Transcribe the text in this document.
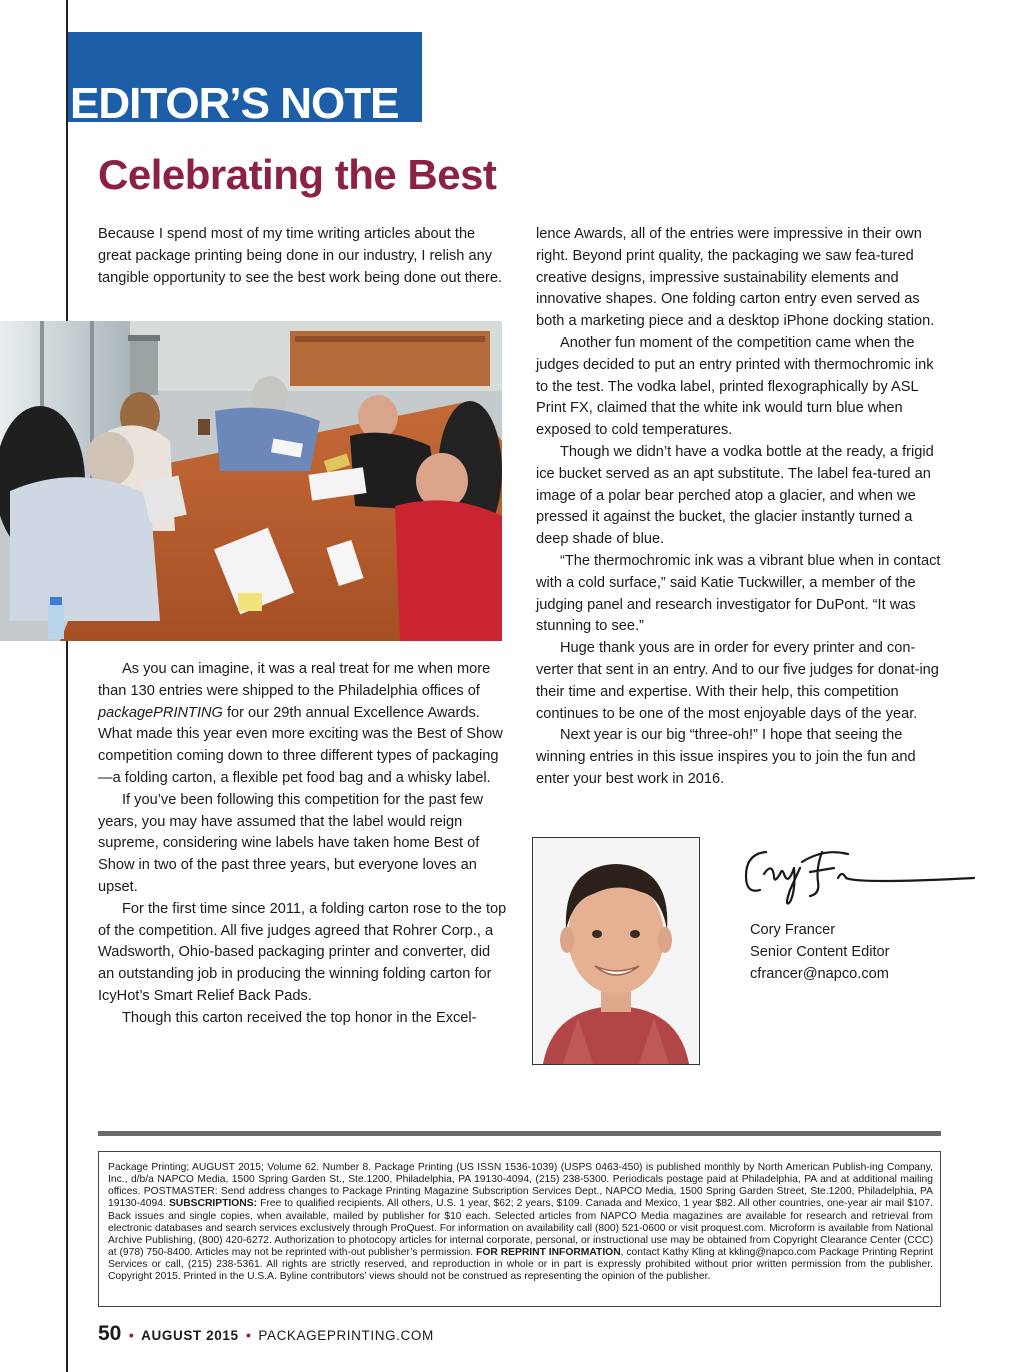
EDITOR’S NOTE
Celebrating the Best

Because I spend most of my time writing articles about the great package printing being done in our industry, I relish any tangible opportunity to see the best work being done out there.

As you can imagine, it was a real treat for me when more than 130 entries were shipped to the Philadelphia offices of packagePRINTING for our 29th annual Excellence Awards. What made this year even more exciting was the Best of Show competition coming down to three different types of packaging—a folding carton, a flexible pet food bag and a whisky label.

If you’ve been following this competition for the past few years, you may have assumed that the label would reign supreme, considering wine labels have taken home Best of Show in two of the past three years, but everyone loves an upset.

For the first time since 2011, a folding carton rose to the top of the competition. All five judges agreed that Rohrer Corp., a Wadsworth, Ohio-based packaging printer and converter, did an outstanding job in producing the winning folding carton for IcyHot’s Smart Relief Back Pads.

Though this carton received the top honor in the Excel-

lence Awards, all of the entries were impressive in their own right. Beyond print quality, the packaging we saw fea-tured creative designs, impressive sustainability elements and innovative shapes. One folding carton entry even served as both a marketing piece and a desktop iPhone docking station.

Another fun moment of the competition came when the judges decided to put an entry printed with thermochromic ink to the test. The vodka label, printed flexographically by ASL Print FX, claimed that the white ink would turn blue when exposed to cold temperatures.

Though we didn’t have a vodka bottle at the ready, a frigid ice bucket served as an apt substitute. The label fea-tured an image of a polar bear perched atop a glacier, and when we pressed it against the bucket, the glacier instantly turned a deep shade of blue.

“The thermochromic ink was a vibrant blue when in contact with a cold surface,” said Katie Tuckwiller, a member of the judging panel and research investigator for DuPont. “It was stunning to see.”

Huge thank yous are in order for every printer and con-verter that sent in an entry. And to our five judges for donat-ing their time and expertise. With their help, this competition continues to be one of the most enjoyable days of the year.

Next year is our big “three-oh!” I hope that seeing the winning entries in this issue inspires you to join the fun and enter your best work in 2016.

Cory Francer
Senior Content Editor
cfrancer@napco.com
Package Printing; AUGUST 2015; Volume 62. Number 8. Package Printing (US ISSN 1536-1039) (USPS 0463-450) is published monthly by North American Publish-ing Company, Inc., d/b/a NAPCO Media, 1500 Spring Garden St., Ste.1200, Philadelphia, PA 19130-4094, (215) 238-5300. Periodicals postage paid at Philadelphia, PA and at additional mailing offices. POSTMASTER: Send address changes to Package Printing Magazine Subscription Services Dept., NAPCO Media, 1500 Spring Garden Street, Ste.1200, Philadelphia, PA 19130-4094. SUBSCRIPTIONS: Free to qualified recipients. All others, U.S. 1 year, $62; 2 years, $109. Canada and Mexico, 1 year $82. All other countries, one-year air mail $107. Back issues and single copies, when available, mailed by publisher for $10 each. Selected articles from NAPCO Media magazines are available for research and retrieval from electronic databases and search services exclusively through ProQuest. For information on availability call (800) 521-0600 or visit proquest.com. Microform is available from National Archive Publishing, (800) 420-6272. Authorization to photocopy articles for internal corporate, personal, or instructional use may be obtained from Copyright Clearance Center (CCC) at (978) 750-8400. Articles may not be reprinted with-out publisher’s permission. FOR REPRINT INFORMATION, contact Kathy Kling at kkling@napco.com Package Printing Reprint Services or call, (215) 238-5361. All rights are strictly reserved, and reproduction in whole or in part is expressly prohibited without prior written permission from the publisher. Copyright 2015. Printed in the U.S.A. Byline contributors’ views should not be construed as representing the opinion of the publisher.
50 • AUGUST 2015 • PACKAGEPRINTING.COM
